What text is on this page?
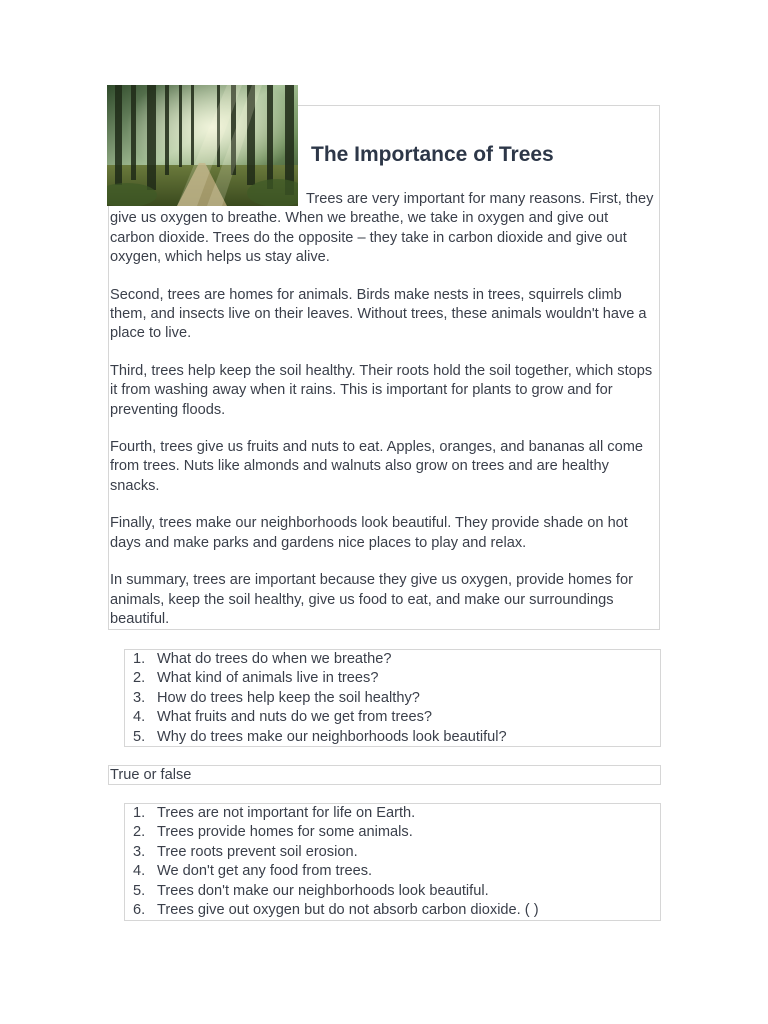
The Importance of Trees

Trees are very important for many reasons. First, they give us oxygen to breathe. When we breathe, we take in oxygen and give out carbon dioxide. Trees do the opposite – they take in carbon dioxide and give out oxygen, which helps us stay alive.

Second, trees are homes for animals. Birds make nests in trees, squirrels climb them, and insects live on their leaves. Without trees, these animals wouldn't have a place to live.

Third, trees help keep the soil healthy. Their roots hold the soil together, which stops it from washing away when it rains. This is important for plants to grow and for preventing floods.

Fourth, trees give us fruits and nuts to eat. Apples, oranges, and bananas all come from trees. Nuts like almonds and walnuts also grow on trees and are healthy snacks.

Finally, trees make our neighborhoods look beautiful. They provide shade on hot days and make parks and gardens nice places to play and relax.

In summary, trees are important because they give us oxygen, provide homes for animals, keep the soil healthy, give us food to eat, and make our surroundings beautiful.

1. What do trees do when we breathe?
2. What kind of animals live in trees?
3. How do trees help keep the soil healthy?
4. What fruits and nuts do we get from trees?
5. Why do trees make our neighborhoods look beautiful?
True or false
1. Trees are not important for life on Earth.
2. Trees provide homes for some animals.
3. Tree roots prevent soil erosion.
4. We don't get any food from trees.
5. Trees don't make our neighborhoods look beautiful.
6. Trees give out oxygen but do not absorb carbon dioxide. ( )
